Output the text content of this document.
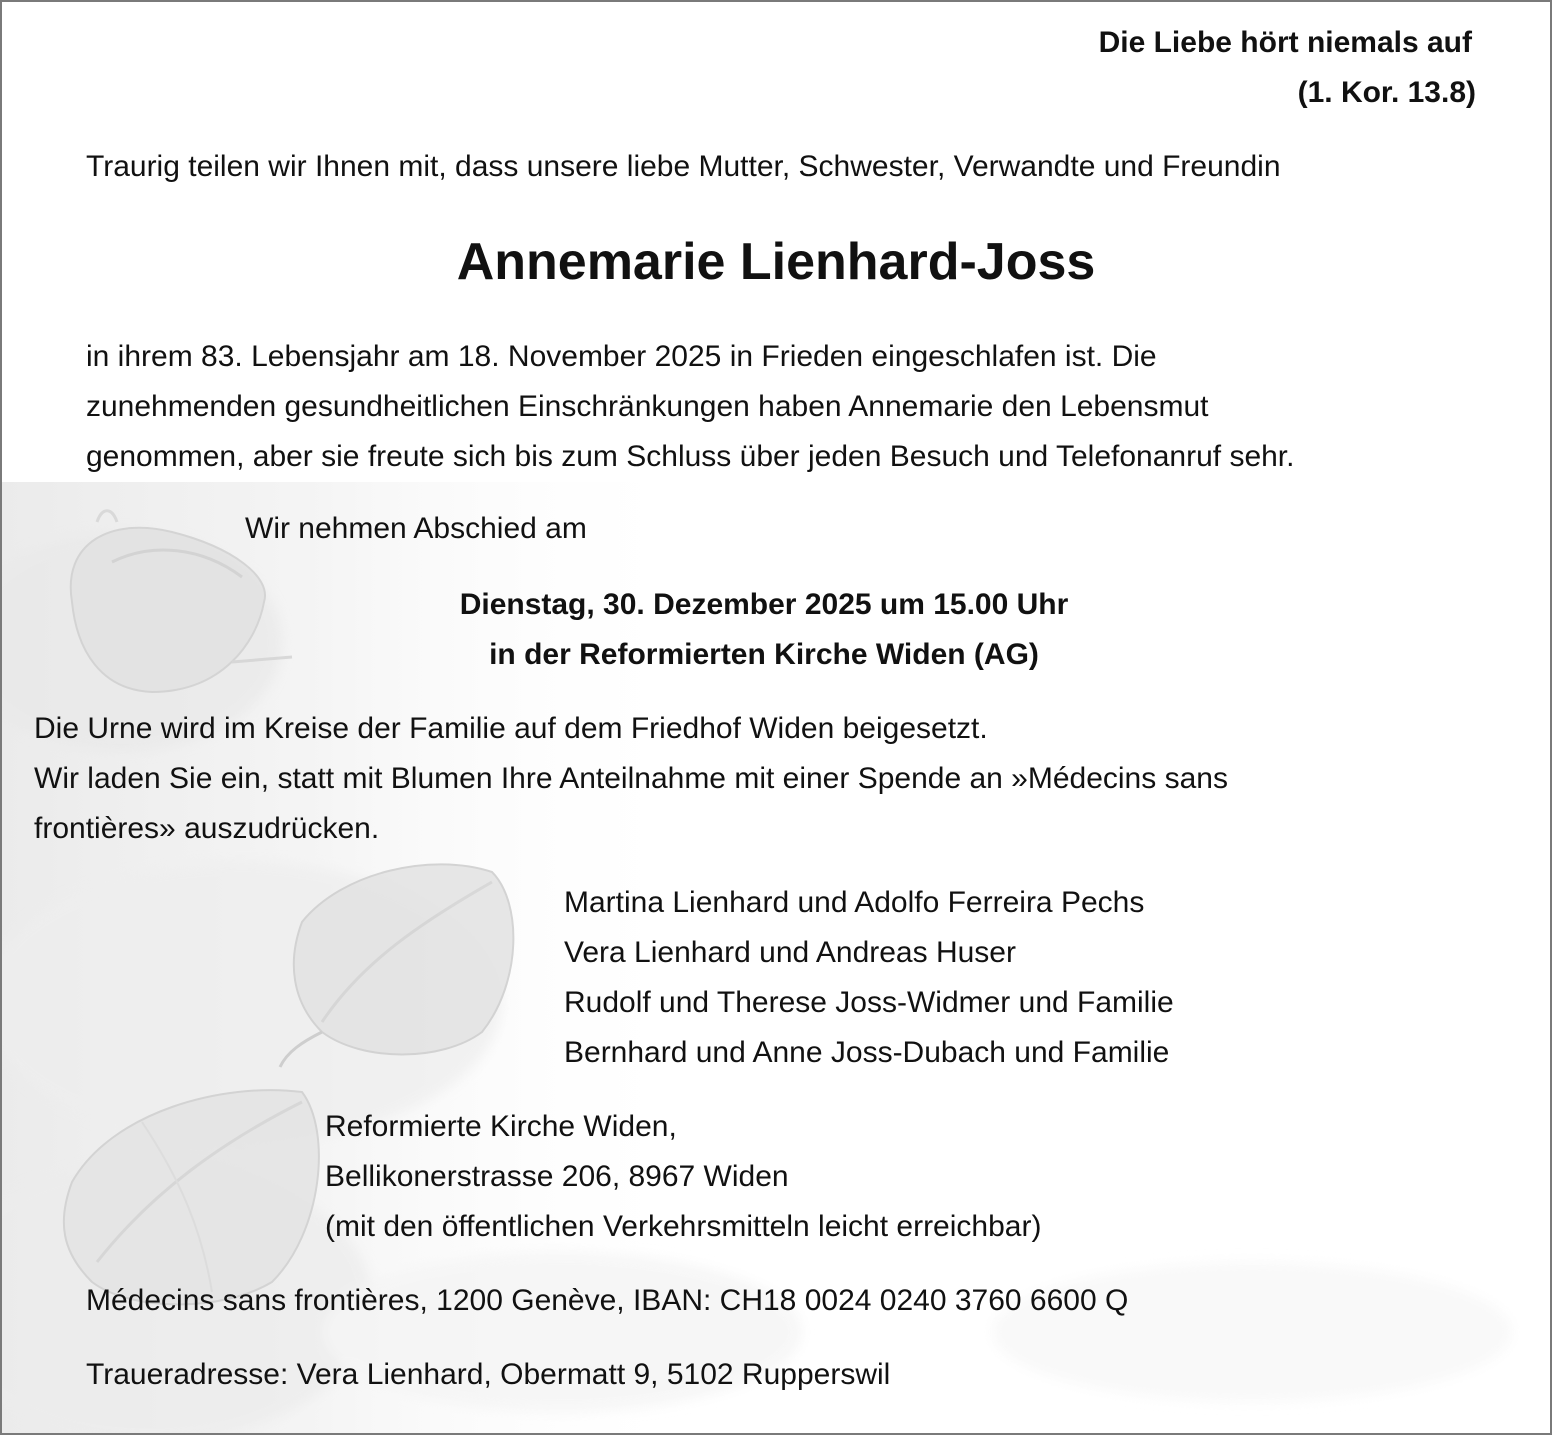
Die Liebe hört niemals auf
(1. Kor. 13.8)
Traurig teilen wir Ihnen mit, dass unsere liebe Mutter, Schwester, Verwandte und Freundin
Annemarie Lienhard-Joss
in ihrem 83. Lebensjahr am 18. November 2025 in Frieden eingeschlafen ist. Die
zunehmenden gesundheitlichen Einschränkungen haben Annemarie den Lebensmut
genommen, aber sie freute sich bis zum Schluss über jeden Besuch und Telefonanruf sehr.
Wir nehmen Abschied am
Dienstag, 30. Dezember 2025 um 15.00 Uhr
in der Reformierten Kirche Widen (AG)
Die Urne wird im Kreise der Familie auf dem Friedhof Widen beigesetzt.
Wir laden Sie ein, statt mit Blumen Ihre Anteilnahme mit einer Spende an »Médecins sans
frontières» auszudrücken.
Martina Lienhard und Adolfo Ferreira Pechs
Vera Lienhard und Andreas Huser
Rudolf und Therese Joss-Widmer und Familie
Bernhard und Anne Joss-Dubach und Familie
Reformierte Kirche Widen,
Bellikonerstrasse 206, 8967 Widen
(mit den öffentlichen Verkehrsmitteln leicht erreichbar)
Médecins sans frontières, 1200 Genève, IBAN: CH18 0024 0240 3760 6600 Q
Traueradresse: Vera Lienhard, Obermatt 9, 5102 Rupperswil
